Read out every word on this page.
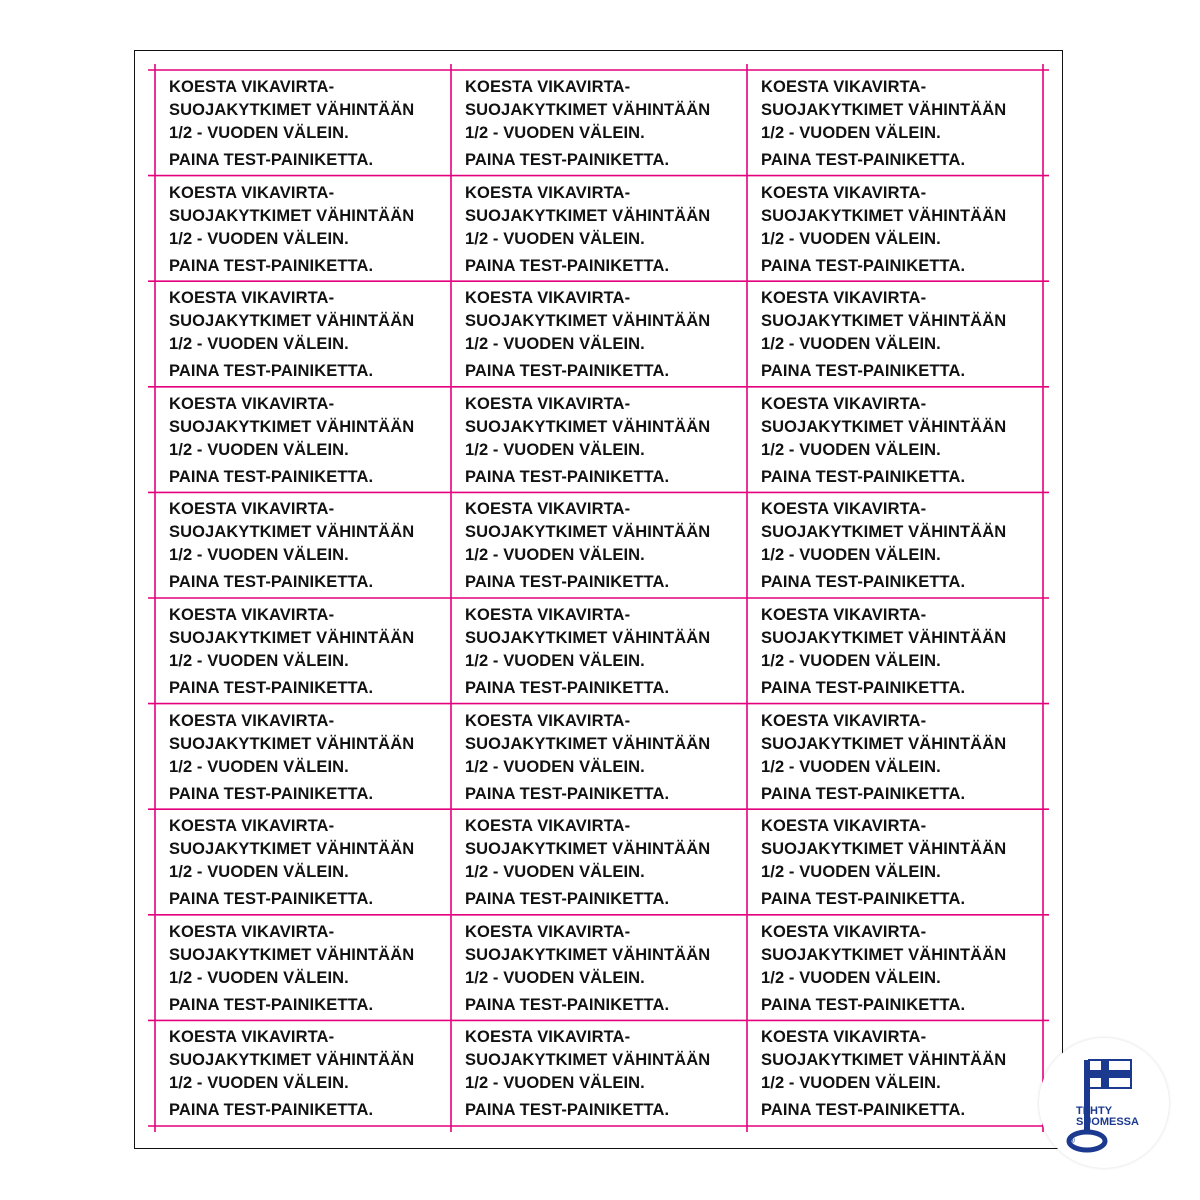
KOESTA VIKAVIRTA-
SUOJAKYTKIMET VÄHINTÄÄN
1/2 - VUODEN VÄLEIN.
PAINA TEST-PAINIKETTA.
KOESTA VIKAVIRTA-
SUOJAKYTKIMET VÄHINTÄÄN
1/2 - VUODEN VÄLEIN.
PAINA TEST-PAINIKETTA.
KOESTA VIKAVIRTA-
SUOJAKYTKIMET VÄHINTÄÄN
1/2 - VUODEN VÄLEIN.
PAINA TEST-PAINIKETTA.
KOESTA VIKAVIRTA-
SUOJAKYTKIMET VÄHINTÄÄN
1/2 - VUODEN VÄLEIN.
PAINA TEST-PAINIKETTA.
KOESTA VIKAVIRTA-
SUOJAKYTKIMET VÄHINTÄÄN
1/2 - VUODEN VÄLEIN.
PAINA TEST-PAINIKETTA.
KOESTA VIKAVIRTA-
SUOJAKYTKIMET VÄHINTÄÄN
1/2 - VUODEN VÄLEIN.
PAINA TEST-PAINIKETTA.
KOESTA VIKAVIRTA-
SUOJAKYTKIMET VÄHINTÄÄN
1/2 - VUODEN VÄLEIN.
PAINA TEST-PAINIKETTA.
KOESTA VIKAVIRTA-
SUOJAKYTKIMET VÄHINTÄÄN
1/2 - VUODEN VÄLEIN.
PAINA TEST-PAINIKETTA.
KOESTA VIKAVIRTA-
SUOJAKYTKIMET VÄHINTÄÄN
1/2 - VUODEN VÄLEIN.
PAINA TEST-PAINIKETTA.
KOESTA VIKAVIRTA-
SUOJAKYTKIMET VÄHINTÄÄN
1/2 - VUODEN VÄLEIN.
PAINA TEST-PAINIKETTA.
KOESTA VIKAVIRTA-
SUOJAKYTKIMET VÄHINTÄÄN
1/2 - VUODEN VÄLEIN.
PAINA TEST-PAINIKETTA.
KOESTA VIKAVIRTA-
SUOJAKYTKIMET VÄHINTÄÄN
1/2 - VUODEN VÄLEIN.
PAINA TEST-PAINIKETTA.
KOESTA VIKAVIRTA-
SUOJAKYTKIMET VÄHINTÄÄN
1/2 - VUODEN VÄLEIN.
PAINA TEST-PAINIKETTA.
KOESTA VIKAVIRTA-
SUOJAKYTKIMET VÄHINTÄÄN
1/2 - VUODEN VÄLEIN.
PAINA TEST-PAINIKETTA.
KOESTA VIKAVIRTA-
SUOJAKYTKIMET VÄHINTÄÄN
1/2 - VUODEN VÄLEIN.
PAINA TEST-PAINIKETTA.
KOESTA VIKAVIRTA-
SUOJAKYTKIMET VÄHINTÄÄN
1/2 - VUODEN VÄLEIN.
PAINA TEST-PAINIKETTA.
KOESTA VIKAVIRTA-
SUOJAKYTKIMET VÄHINTÄÄN
1/2 - VUODEN VÄLEIN.
PAINA TEST-PAINIKETTA.
KOESTA VIKAVIRTA-
SUOJAKYTKIMET VÄHINTÄÄN
1/2 - VUODEN VÄLEIN.
PAINA TEST-PAINIKETTA.
KOESTA VIKAVIRTA-
SUOJAKYTKIMET VÄHINTÄÄN
1/2 - VUODEN VÄLEIN.
PAINA TEST-PAINIKETTA.
KOESTA VIKAVIRTA-
SUOJAKYTKIMET VÄHINTÄÄN
1/2 - VUODEN VÄLEIN.
PAINA TEST-PAINIKETTA.
KOESTA VIKAVIRTA-
SUOJAKYTKIMET VÄHINTÄÄN
1/2 - VUODEN VÄLEIN.
PAINA TEST-PAINIKETTA.
KOESTA VIKAVIRTA-
SUOJAKYTKIMET VÄHINTÄÄN
1/2 - VUODEN VÄLEIN.
PAINA TEST-PAINIKETTA.
KOESTA VIKAVIRTA-
SUOJAKYTKIMET VÄHINTÄÄN
1/2 - VUODEN VÄLEIN.
PAINA TEST-PAINIKETTA.
KOESTA VIKAVIRTA-
SUOJAKYTKIMET VÄHINTÄÄN
1/2 - VUODEN VÄLEIN.
PAINA TEST-PAINIKETTA.
KOESTA VIKAVIRTA-
SUOJAKYTKIMET VÄHINTÄÄN
1/2 - VUODEN VÄLEIN.
PAINA TEST-PAINIKETTA.
KOESTA VIKAVIRTA-
SUOJAKYTKIMET VÄHINTÄÄN
1/2 - VUODEN VÄLEIN.
PAINA TEST-PAINIKETTA.
KOESTA VIKAVIRTA-
SUOJAKYTKIMET VÄHINTÄÄN
1/2 - VUODEN VÄLEIN.
PAINA TEST-PAINIKETTA.
KOESTA VIKAVIRTA-
SUOJAKYTKIMET VÄHINTÄÄN
1/2 - VUODEN VÄLEIN.
PAINA TEST-PAINIKETTA.
KOESTA VIKAVIRTA-
SUOJAKYTKIMET VÄHINTÄÄN
1/2 - VUODEN VÄLEIN.
PAINA TEST-PAINIKETTA.
KOESTA VIKAVIRTA-
SUOJAKYTKIMET VÄHINTÄÄN
1/2 - VUODEN VÄLEIN.
PAINA TEST-PAINIKETTA.	TEHTY
SUOMESSA
®
